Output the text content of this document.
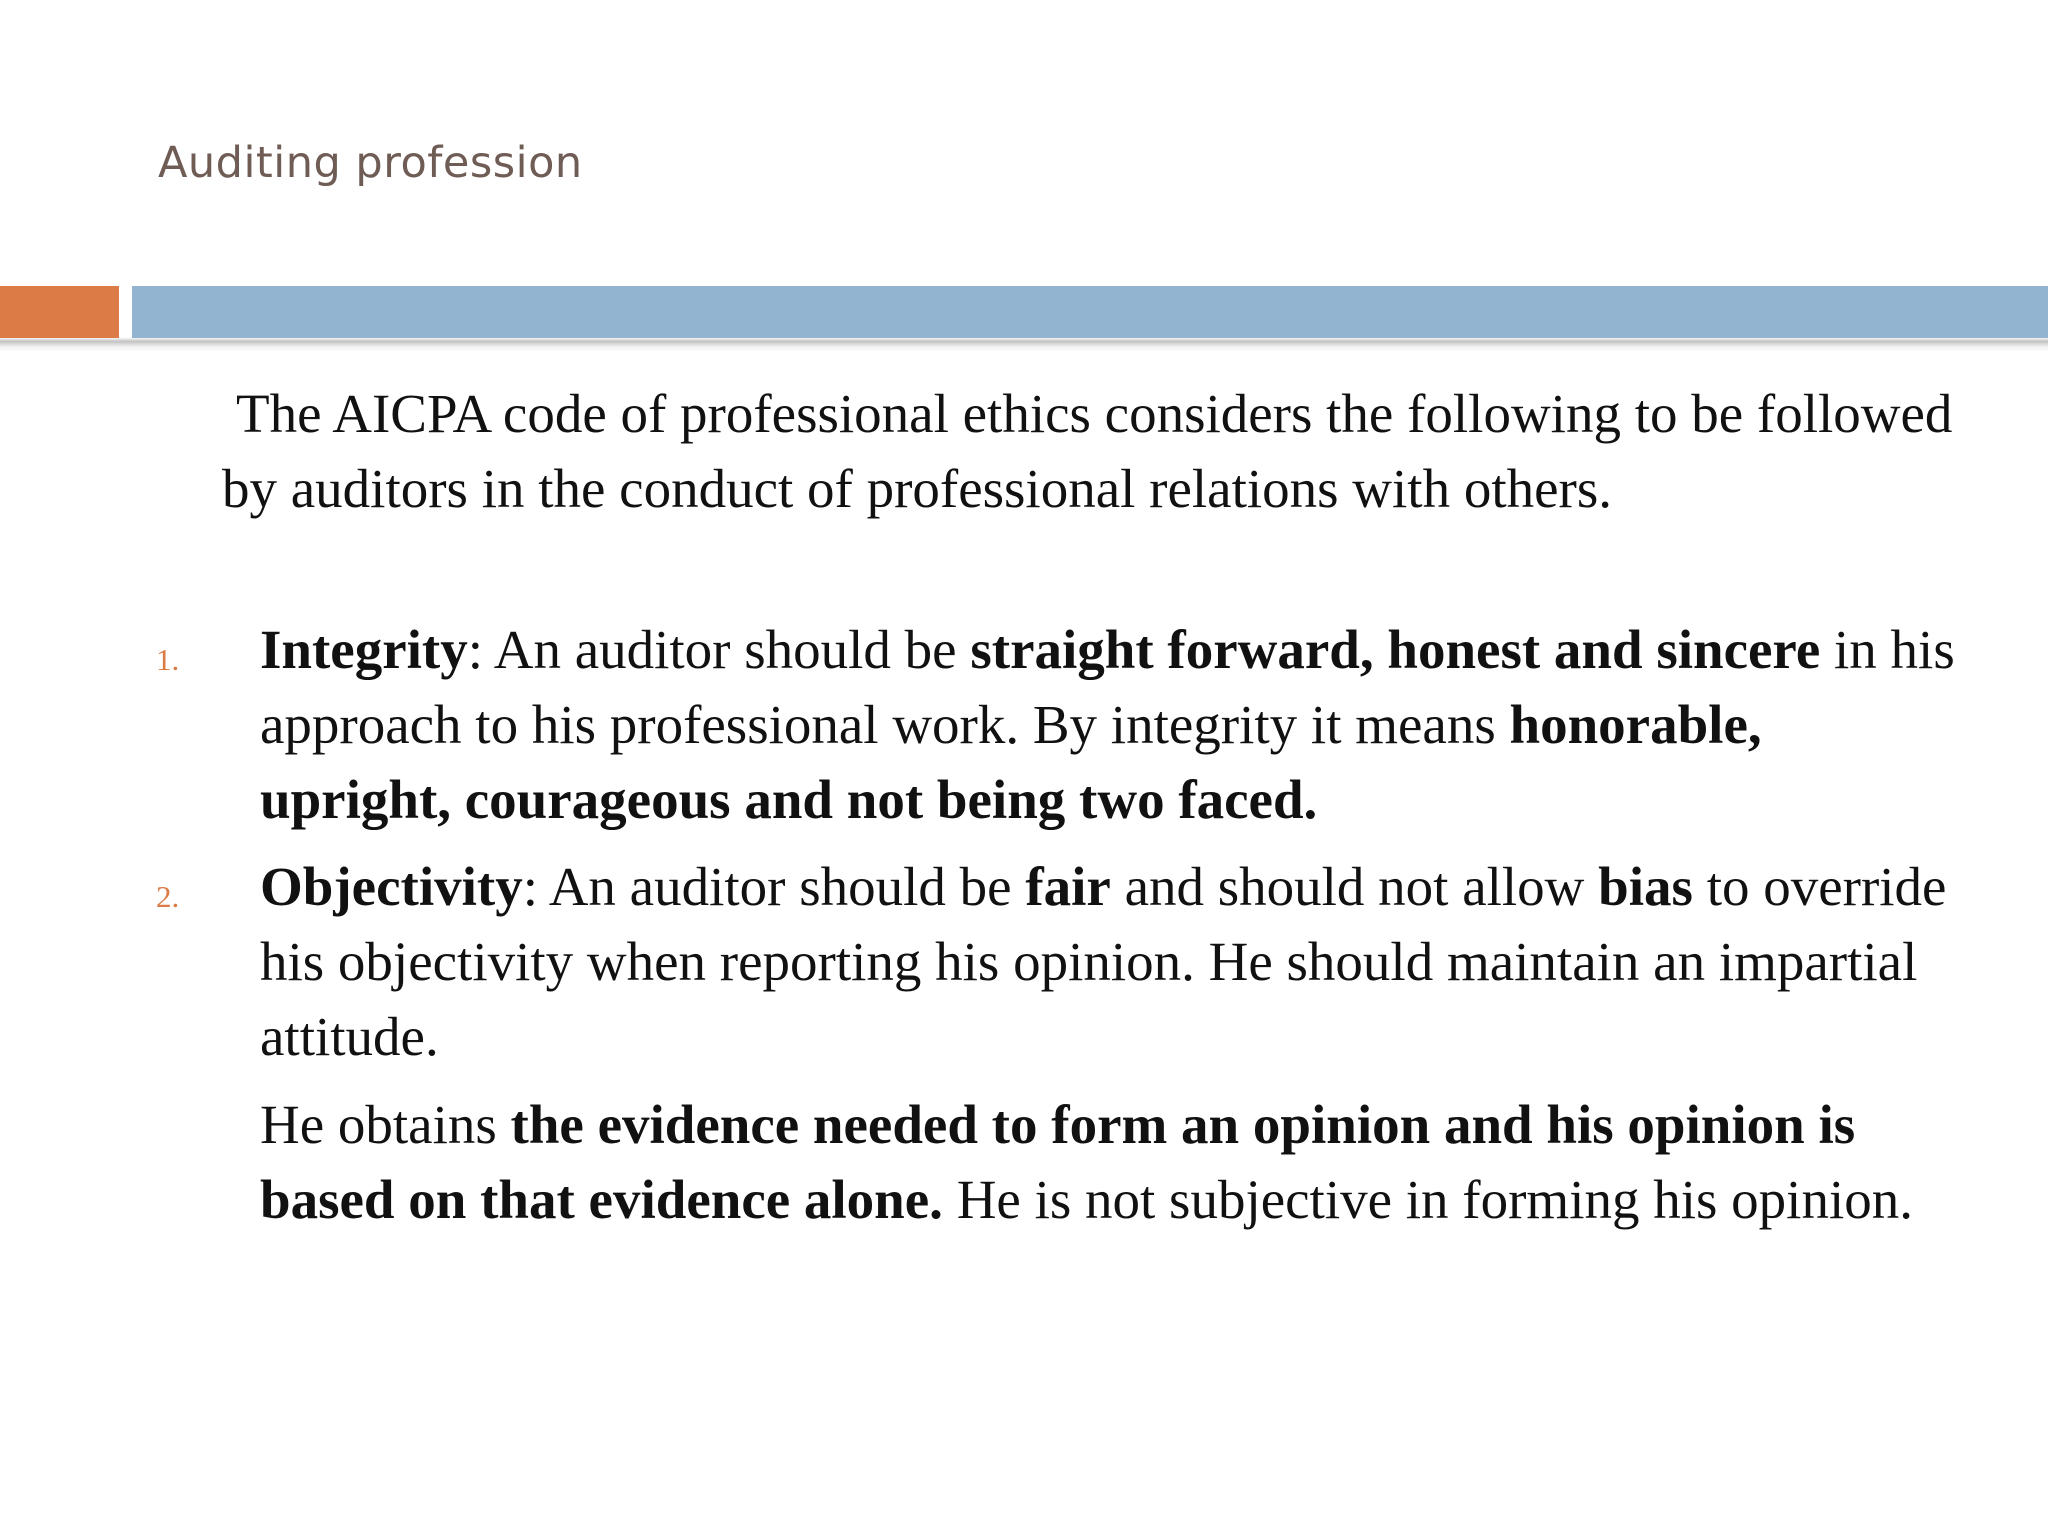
Auditing profession
The AICPA code of professional ethics considers the following to be followed by auditors in the conduct of professional relations with others.
1. Integrity: An auditor should be straight forward, honest and sincere in his approach to his professional work. By integrity it means honorable, upright, courageous and not being two faced.
2. Objectivity: An auditor should be fair and should not allow bias to override his objectivity when reporting his opinion. He should maintain an impartial attitude.
He obtains the evidence needed to form an opinion and his opinion is based on that evidence alone. He is not subjective in forming his opinion.
